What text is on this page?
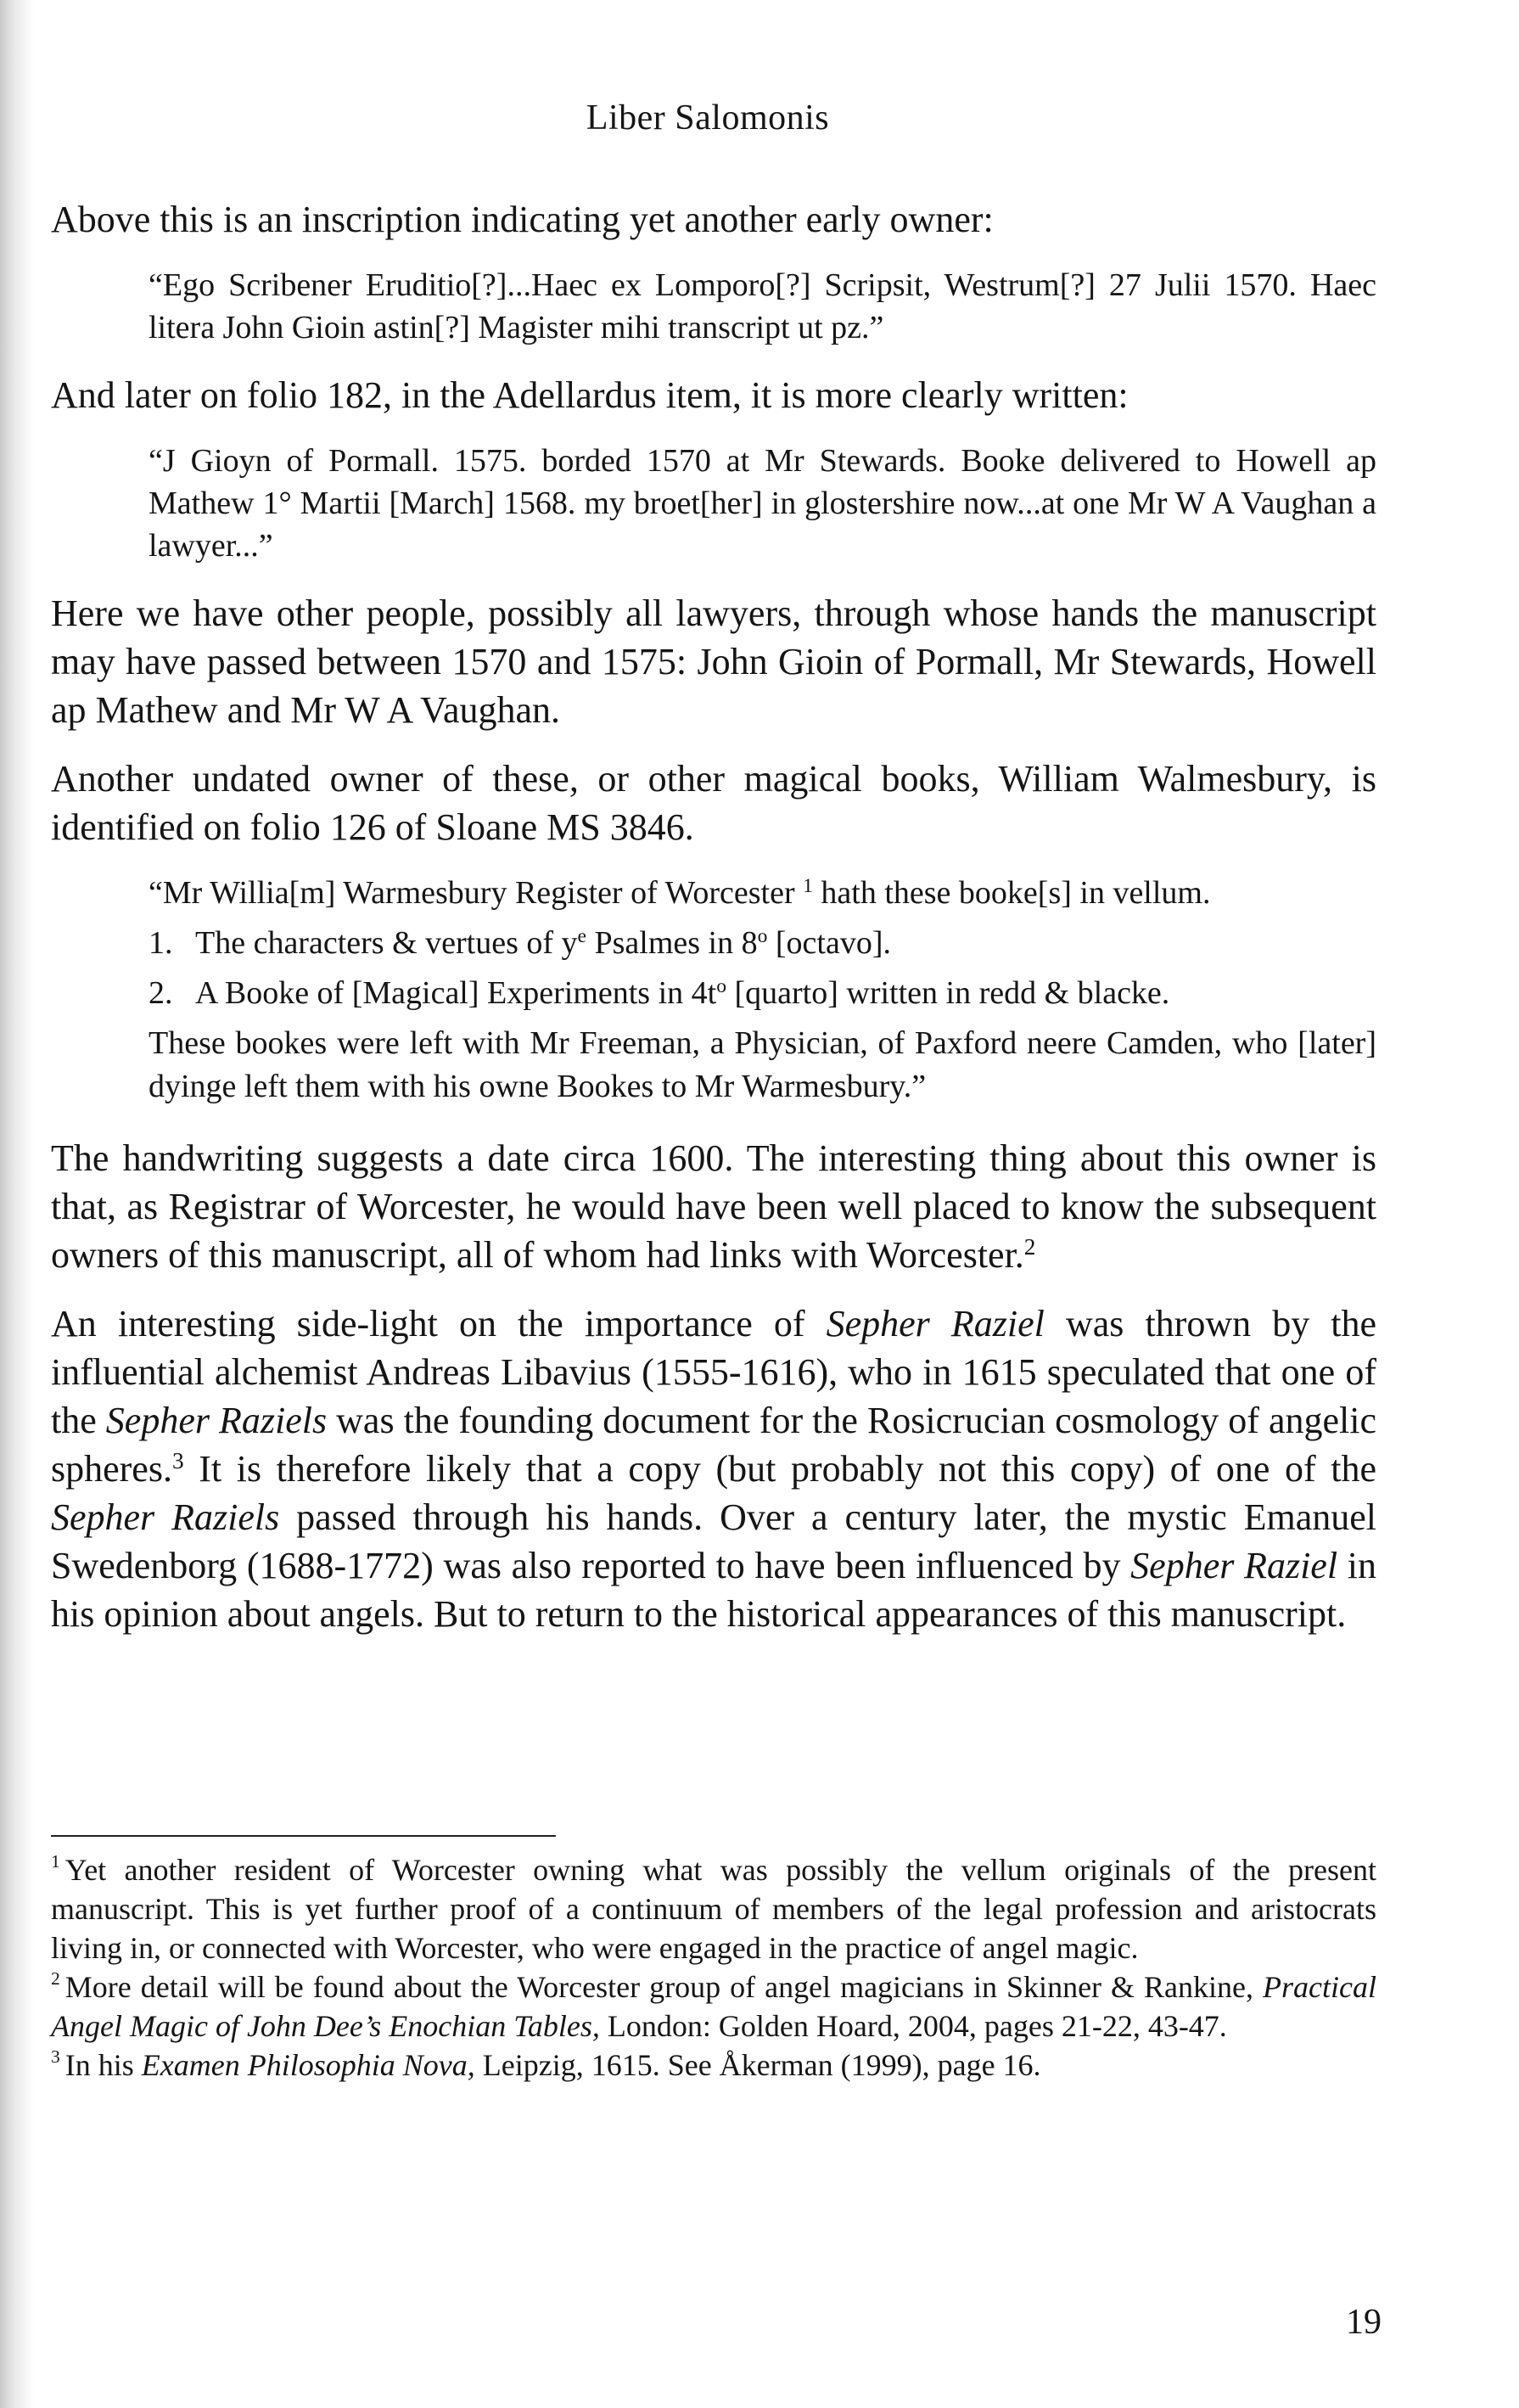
Liber Salomonis

Above this is an inscription indicating yet another early owner:

“Ego Scribener Eruditio[?]...Haec ex Lomporo[?] Scripsit, Westrum[?] 27 Julii 1570. Haec litera John Gioin astin[?] Magister mihi transcript ut pz.”

And later on folio 182, in the Adellardus item, it is more clearly written:

“J Gioyn of Pormall. 1575. borded 1570 at Mr Stewards. Booke delivered to Howell ap Mathew 1° Martii [March] 1568. my broet[her] in glostershire now...at one Mr W A Vaughan a lawyer...”

Here we have other people, possibly all lawyers, through whose hands the manuscript may have passed between 1570 and 1575: John Gioin of Pormall, Mr Stewards, Howell ap Mathew and Mr W A Vaughan.

Another undated owner of these, or other magical books, William Walmesbury, is identified on folio 126 of Sloane MS 3846.

“Mr Willia[m] Warmesbury Register of Worcester $^1$ hath these booke[s] in vellum.
1. The characters & vertues of $y^e$ Psalmes in 8$^o$ [octavo].
2. A Booke of [Magical] Experiments in $4t^o$ [quarto] written in redd & blacke.
These bookes were left with Mr Freeman, a Physician, of Paxford neere Camden, who [later] dyinge left them with his owne Bookes to Mr Warmesbury.”

The handwriting suggests a date circa 1600. The interesting thing about this owner is that, as Registrar of Worcester, he would have been well placed to know the subsequent owners of this manuscript, all of whom had links with Worcester.$^2$

An interesting side-light on the importance of Sepher Raziel was thrown by the influential alchemist Andreas Libavius (1555-1616), who in 1615 speculated that one of the Sepher Raziels was the founding document for the Rosicrucian cosmology of angelic spheres.$^3$ It is therefore likely that a copy (but probably not this copy) of one of the Sepher Raziels passed through his hands. Over a century later, the mystic Emanuel Swedenborg (1688-1772) was also reported to have been influenced by Sepher Raziel in his opinion about angels. But to return to the historical appearances of this manuscript.

$^1$ Yet another resident of Worcester owning what was possibly the vellum originals of the present manuscript. This is yet further proof of a continuum of members of the legal profession and aristocrats living in, or connected with Worcester, who were engaged in the practice of angel magic.

$^2$ More detail will be found about the Worcester group of angel magicians in Skinner & Rankine, Practical Angel Magic of John Dee’s Enochian Tables, London: Golden Hoard, 2004, pages 21-22, 43-47.

$^3$ In his Examen Philosophia Nova, Leipzig, 1615. See Åkerman (1999), page 16.

19
